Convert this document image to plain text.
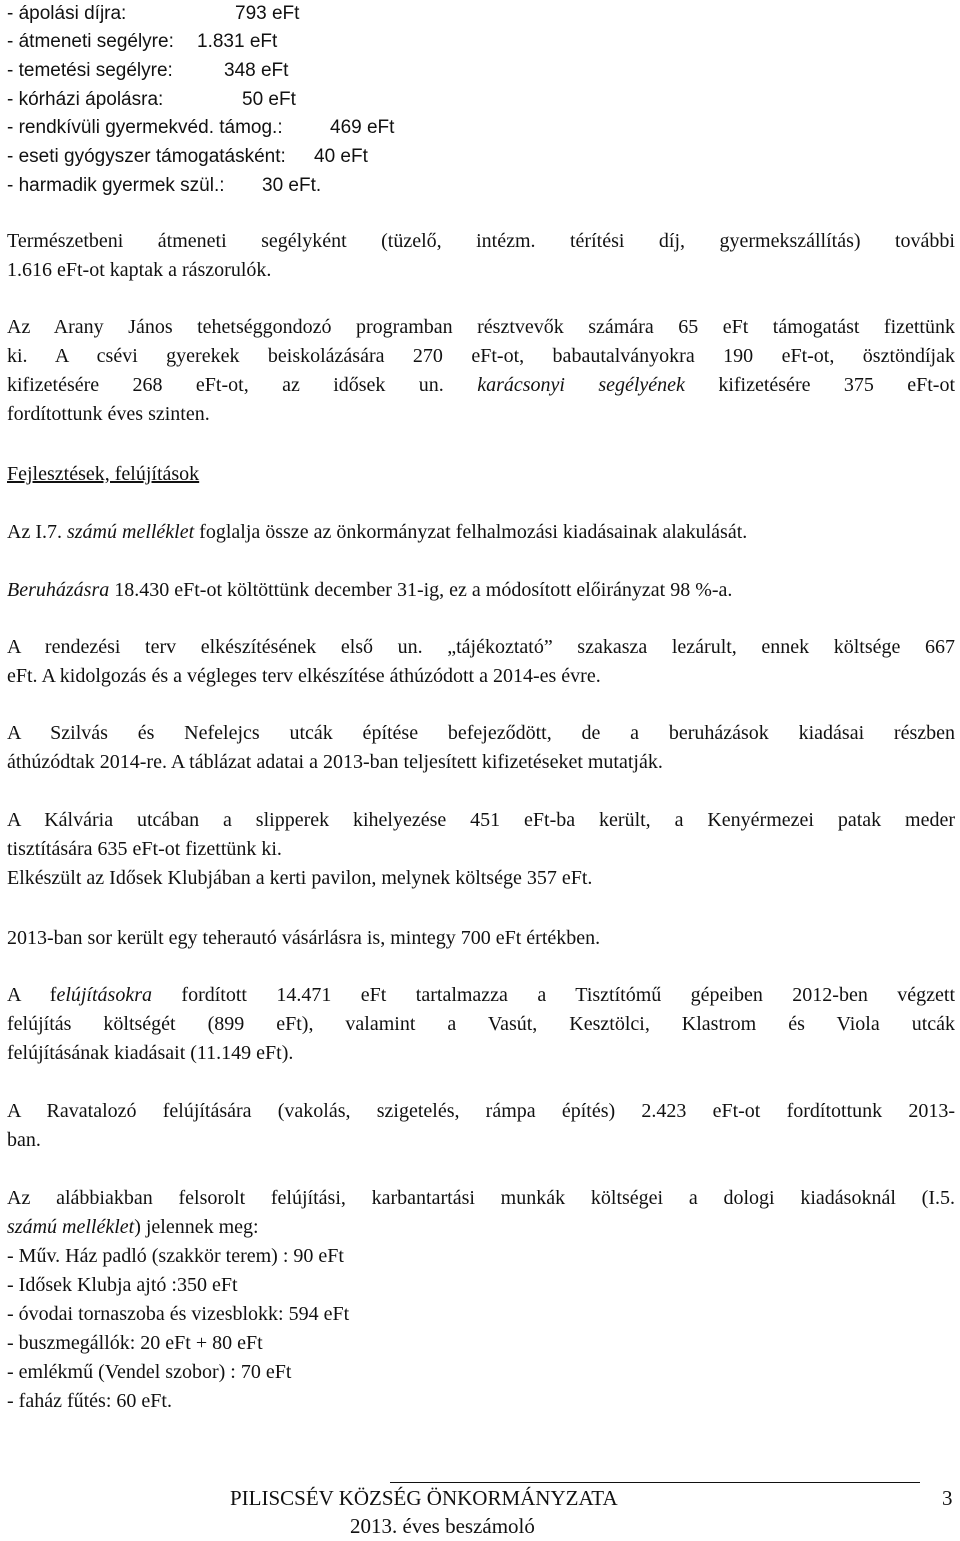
- ápolási díjra:	793 eFt
- átmeneti segélyre: 1.831 eFt
- temetési segélyre:	348 eFt
- kórházi ápolásra:	50 eFt
- rendkívüli gyermekvéd. támog.: 469 eFt
- eseti gyógyszer támogatásként: 40 eFt
- harmadik gyermek szül.: 30 eFt.
Természetbeni átmeneti segélyként (tüzelő, intézm. térítési díj, gyermekszállítás) további
1.616 eFt-ot kaptak a rászorulók.
Az Arany János tehetséggondozó programban résztvevők számára 65 eFt támogatást fizettünk
ki. A csévi gyerekek beiskolázására 270 eFt-ot, babautalványokra 190 eFt-ot, ösztöndíjak
kifizetésére 268 eFt-ot, az idősek un. karácsonyi segélyének kifizetésére 375 eFt-ot
fordítottunk éves szinten.
Fejlesztések, felújítások
Az I.7. számú melléklet foglalja össze az önkormányzat felhalmozási kiadásainak alakulását.
Beruházásra 18.430 eFt-ot költöttünk december 31-ig, ez a módosított előirányzat 98 %-a.
A rendezési terv elkészítésének első un. „tájékoztató” szakasza lezárult, ennek költsége 667
eFt. A kidolgozás és a végleges terv elkészítése áthúzódott a 2014-es évre.
A Szilvás és Nefelejcs utcák építése befejeződött, de a beruházások kiadásai részben
áthúzódtak 2014-re. A táblázat adatai a 2013-ban teljesített kifizetéseket mutatják.
A Kálvária utcában a slipperek kihelyezése 451 eFt-ba került, a Kenyérmezei patak meder
tisztítására 635 eFt-ot fizettünk ki.
Elkészült az Idősek Klubjában a kerti pavilon, melynek költsége 357 eFt.
2013-ban sor került egy teherautó vásárlásra is, mintegy 700 eFt értékben.
A felújításokra fordított 14.471 eFt tartalmazza a Tisztítómű gépeiben 2012-ben végzett
felújítás költségét (899 eFt), valamint a Vasút, Kesztölci, Klastrom és Viola utcák
felújításának kiadásait (11.149 eFt).
A Ravatalozó felújítására (vakolás, szigetelés, rámpa építés) 2.423 eFt-ot fordítottunk 2013-
ban.
Az alábbiakban felsorolt felújítási, karbantartási munkák költségei a dologi kiadásoknál (I.5.
számú melléklet) jelennek meg:
- Műv. Ház padló (szakkör terem) : 90 eFt
- Idősek Klubja ajtó :350 eFt
- óvodai tornaszoba és vizesblokk: 594 eFt
- buszmegállók: 20 eFt + 80 eFt
- emlékmű (Vendel szobor) : 70 eFt
- faház fűtés: 60 eFt.
PILISCSÉV KÖZSÉG ÖNKORMÁNYZATA
2013. éves beszámoló
3
